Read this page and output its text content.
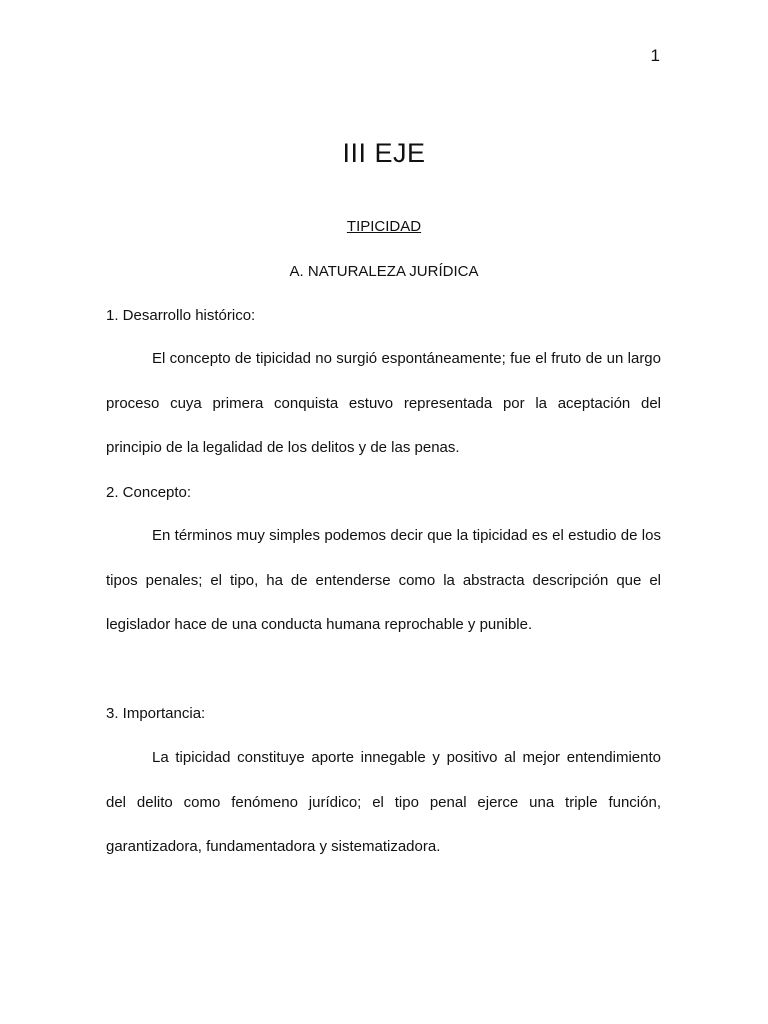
1
III EJE
TIPICIDAD
A. NATURALEZA JURÍDICA
1. Desarrollo histórico:
El concepto de tipicidad no surgió espontáneamente; fue el fruto de un largo proceso cuya primera conquista estuvo representada por la aceptación del principio de la legalidad de los delitos y de las penas.
2. Concepto:
En términos muy simples podemos decir que la tipicidad es el estudio de los tipos penales; el tipo, ha de entenderse como la abstracta descripción que el legislador hace de una conducta humana reprochable y punible.
3. Importancia:
La tipicidad constituye aporte innegable y positivo al mejor entendimiento del delito como fenómeno jurídico; el tipo penal ejerce una triple función, garantizadora, fundamentadora y sistematizadora.
